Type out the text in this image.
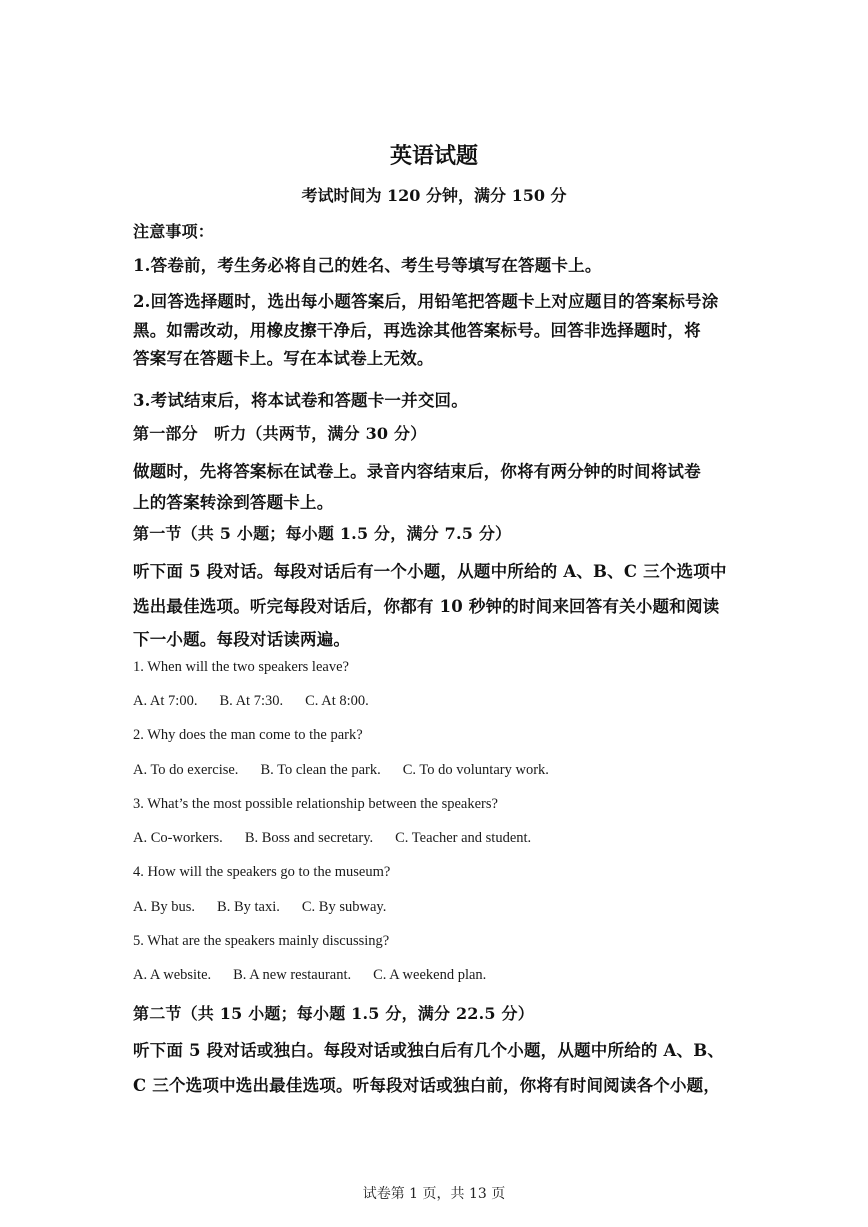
英语试题
考试时间为 120 分钟，满分 150 分
注意事项：
1.答卷前，考生务必将自己的姓名、考生号等填写在答题卡上。
2.回答选择题时，选出每小题答案后，用铅笔把答题卡上对应题目的答案标号涂
黑。如需改动，用橡皮擦干净后，再选涂其他答案标号。回答非选择题时，将
答案写在答题卡上。写在本试卷上无效。
3.考试结束后，将本试卷和答题卡一并交回。
第一部分　听力（共两节，满分 30 分）
做题时，先将答案标在试卷上。录音内容结束后，你将有两分钟的时间将试卷
上的答案转涂到答题卡上。
第一节（共 5 小题；每小题 1.5 分，满分 7.5 分）
听下面 5 段对话。每段对话后有一个小题，从题中所给的 A、B、C 三个选项中
选出最佳选项。听完每段对话后，你都有 10 秒钟的时间来回答有关小题和阅读
下一小题。每段对话读两遍。
1. When will the two speakers leave?
A. At 7:00. B. At 7:30. C. At 8:00.
2. Why does the man come to the park?
A. To do exercise. B. To clean the park. C. To do voluntary work.
3. What’s the most possible relationship between the speakers?
A. Co-workers. B. Boss and secretary. C. Teacher and student.
4. How will the speakers go to the museum?
A. By bus. B. By taxi. C. By subway.
5. What are the speakers mainly discussing?
A. A website. B. A new restaurant. C. A weekend plan.
第二节（共 15 小题；每小题 1.5 分，满分 22.5 分）
听下面 5 段对话或独白。每段对话或独白后有几个小题，从题中所给的 A、B、
C 三个选项中选出最佳选项。听每段对话或独白前，你将有时间阅读各个小题，
试卷第 1 页，共 13 页
